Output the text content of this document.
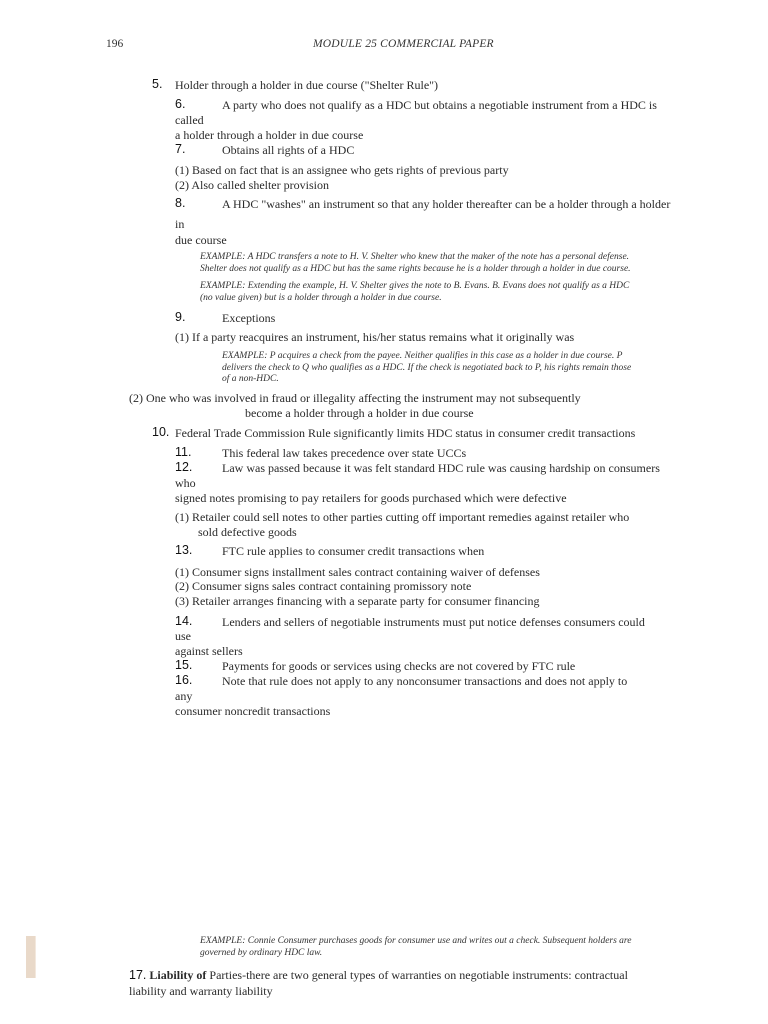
196	MODULE 25 COMMERCIAL PAPER
5. Holder through a holder in due course ("Shelter Rule")
6.	A party who does not qualify as a HDC but obtains a negotiable instrument from a HDC is
called
a holder through a holder in due course
7.	Obtains all rights of a HDC
(1) Based on fact that is an assignee who gets rights of previous party
(2) Also called shelter provision
8.	A HDC "washes" an instrument so that any holder thereafter can be a holder through a holder
in
due course
EXAMPLE: A HDC transfers a note to H. V. Shelter who knew that the maker of the note has a personal defense.
Shelter does not qualify as a HDC but has the same rights because he is a holder through a holder in due course.
EXAMPLE: Extending the example, H. V. Shelter gives the note to B. Evans. B. Evans does not qualify as a HDC
(no value given) but is a holder through a holder in due course.
9.	Exceptions
(1) If a party reacquires an instrument, his/her status remains what it originally was
EXAMPLE: P acquires a check from the payee. Neither qualifies in this case as a holder in due course. P
delivers the check to Q who qualifies as a HDC. If the check is negotiated back to P, his rights remain those
of a non-HDC.
(2) One who was involved in fraud or illegality affecting the instrument may not subsequently
become a holder through a holder in due course
10. Federal Trade Commission Rule significantly limits HDC status in consumer credit transactions
11.	This federal law takes precedence over state UCCs
12. Law was passed because it was felt standard HDC rule was causing hardship on consumers
who
signed notes promising to pay retailers for goods purchased which were defective
(1) Retailer could sell notes to other parties cutting off important remedies against retailer who
sold defective goods
13. FTC rule applies to consumer credit transactions when
(1) Consumer signs installment sales contract containing waiver of defenses
(2) Consumer signs sales contract containing promissory note
(3) Retailer arranges financing with a separate party for consumer financing
14. Lenders and sellers of negotiable instruments must put notice defenses consumers could
use
against sellers
15. Payments for goods or services using checks are not covered by FTC rule
16. Note that rule does not apply to any nonconsumer transactions and does not apply to
any
consumer noncredit transactions
EXAMPLE: Connie Consumer purchases goods for consumer use and writes out a check. Subsequent holders are
governed by ordinary HDC law.
17. Liability of Parties-there are two general types of warranties on negotiable instruments: contractual
liability and warranty liability
